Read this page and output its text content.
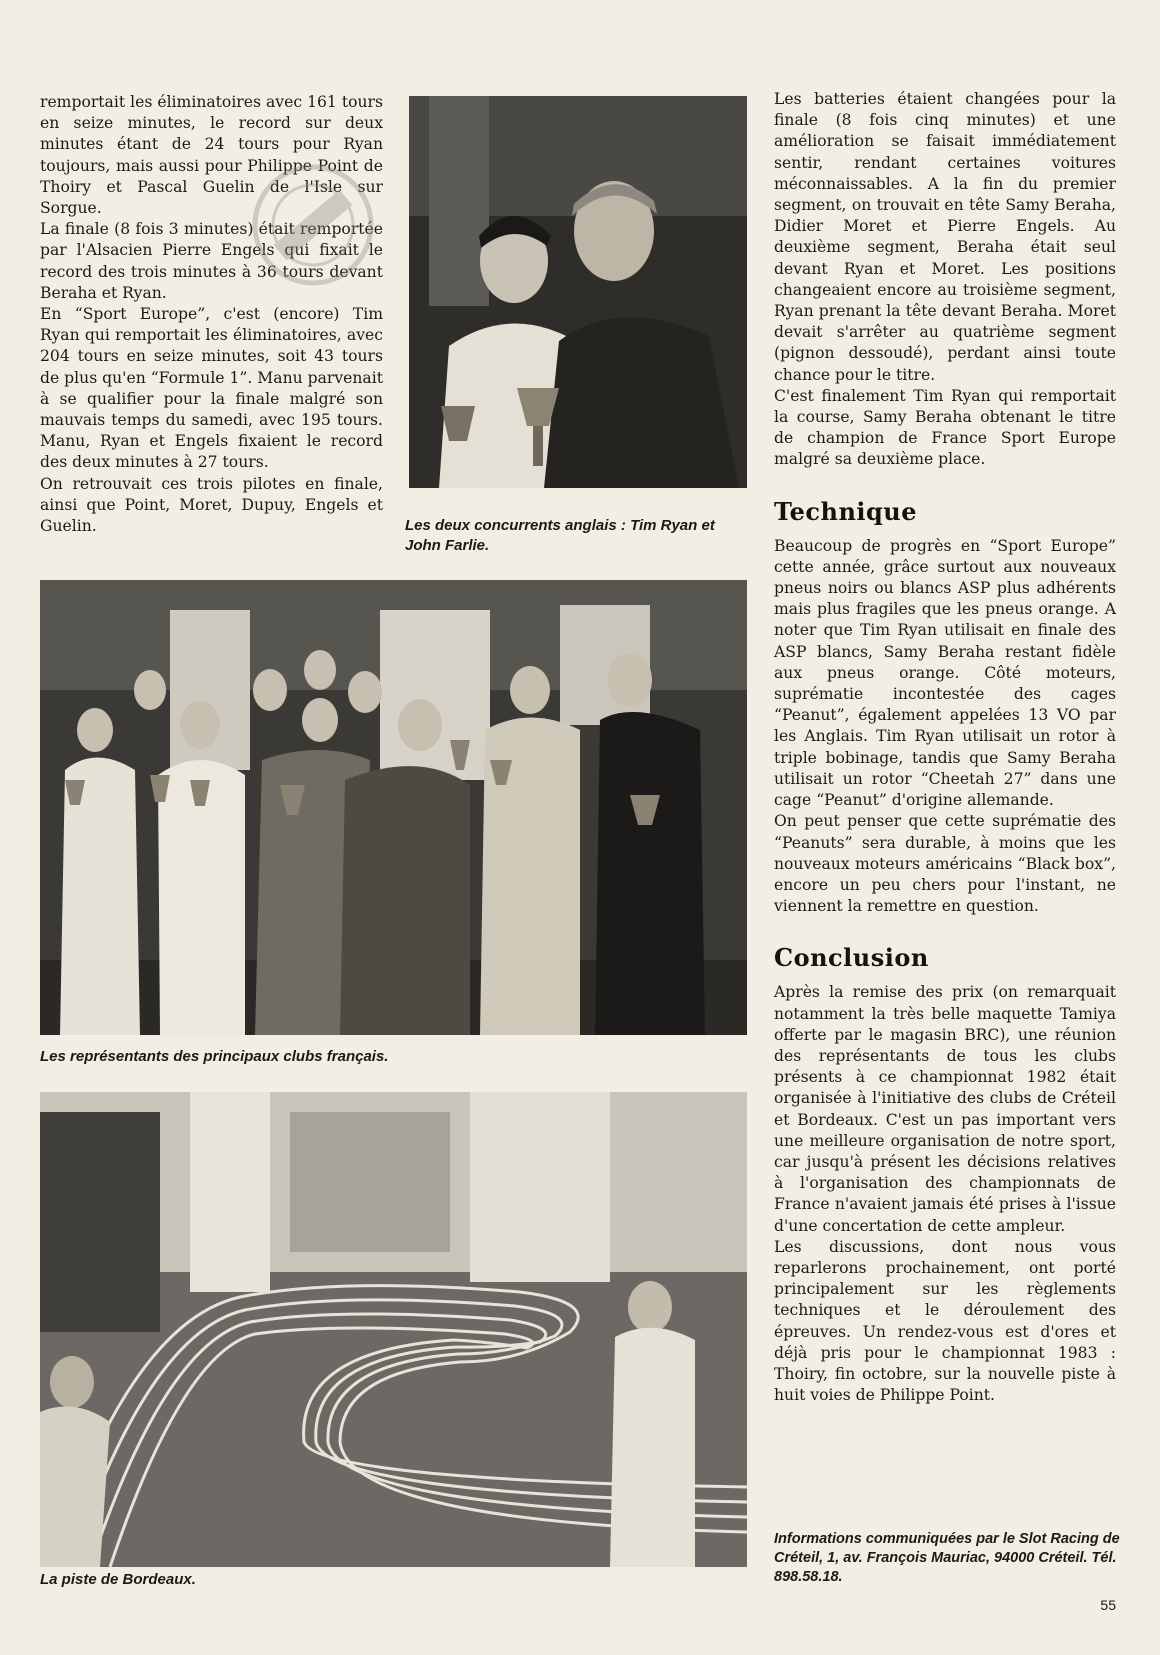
remportait les éliminatoires avec 161 tours en seize minutes, le record sur deux minutes étant de 24 tours pour Ryan toujours, mais aussi pour Philippe Point de Thoiry et Pascal Guelin de l'Isle sur Sorgue.

La finale (8 fois 3 minutes) était remportée par l'Alsacien Pierre Engels qui fixait le record des trois minutes à 36 tours devant Beraha et Ryan.

En “Sport Europe”, c'est (encore) Tim Ryan qui remportait les éliminatoires, avec 204 tours en seize minutes, soit 43 tours de plus qu'en “Formule 1”. Manu parvenait à se qualifier pour la finale malgré son mauvais temps du samedi, avec 195 tours. Manu, Ryan et Engels fixaient le record des deux minutes à 27 tours.

On retrouvait ces trois pilotes en finale, ainsi que Point, Moret, Dupuy, Engels et Guelin.	Les deux concurrents anglais : Tim Ryan et John Farlie.

Les représentants des principaux clubs français.

La piste de Bordeaux.

Les batteries étaient changées pour la finale (8 fois cinq minutes) et une amélioration se faisait immédiatement sentir, rendant certaines voitures méconnaissables. A la fin du premier segment, on trouvait en tête Samy Beraha, Didier Moret et Pierre Engels. Au deuxième segment, Beraha était seul devant Ryan et Moret. Les positions changeaient encore au troisième segment, Ryan prenant la tête devant Beraha. Moret devait s'arrêter au quatrième segment (pignon dessoudé), perdant ainsi toute chance pour le titre.

C'est finalement Tim Ryan qui remportait la course, Samy Beraha obtenant le titre de champion de France Sport Europe malgré sa deuxième place.

Technique

Beaucoup de progrès en “Sport Europe” cette année, grâce surtout aux nouveaux pneus noirs ou blancs ASP plus adhérents mais plus fragiles que les pneus orange. A noter que Tim Ryan utilisait en finale des ASP blancs, Samy Beraha restant fidèle aux pneus orange. Côté moteurs, suprématie incontestée des cages “Peanut”, également appelées 13 VO par les Anglais. Tim Ryan utilisait un rotor à triple bobinage, tandis que Samy Beraha utilisait un rotor “Cheetah 27” dans une cage “Peanut” d'origine allemande.

On peut penser que cette suprématie des “Peanuts” sera durable, à moins que les nouveaux moteurs américains “Black box”, encore un peu chers pour l'instant, ne viennent la remettre en question.

Conclusion

Après la remise des prix (on remarquait notamment la très belle maquette Tamiya offerte par le magasin BRC), une réunion des représentants de tous les clubs présents à ce championnat 1982 était organisée à l'initiative des clubs de Créteil et Bordeaux. C'est un pas important vers une meilleure organisation de notre sport, car jusqu'à présent les décisions relatives à l'organisation des championnats de France n'avaient jamais été prises à l'issue d'une concertation de cette ampleur.

Les discussions, dont nous vous reparlerons prochainement, ont porté principalement sur les règlements techniques et le déroulement des épreuves. Un rendez-vous est d'ores et déjà pris pour le championnat 1983 : Thoiry, fin octobre, sur la nouvelle piste à huit voies de Philippe Point.

Informations communiquées par le Slot Racing de Créteil, 1, av. François Mauriac, 94000 Créteil. Tél. 898.58.18.

55
